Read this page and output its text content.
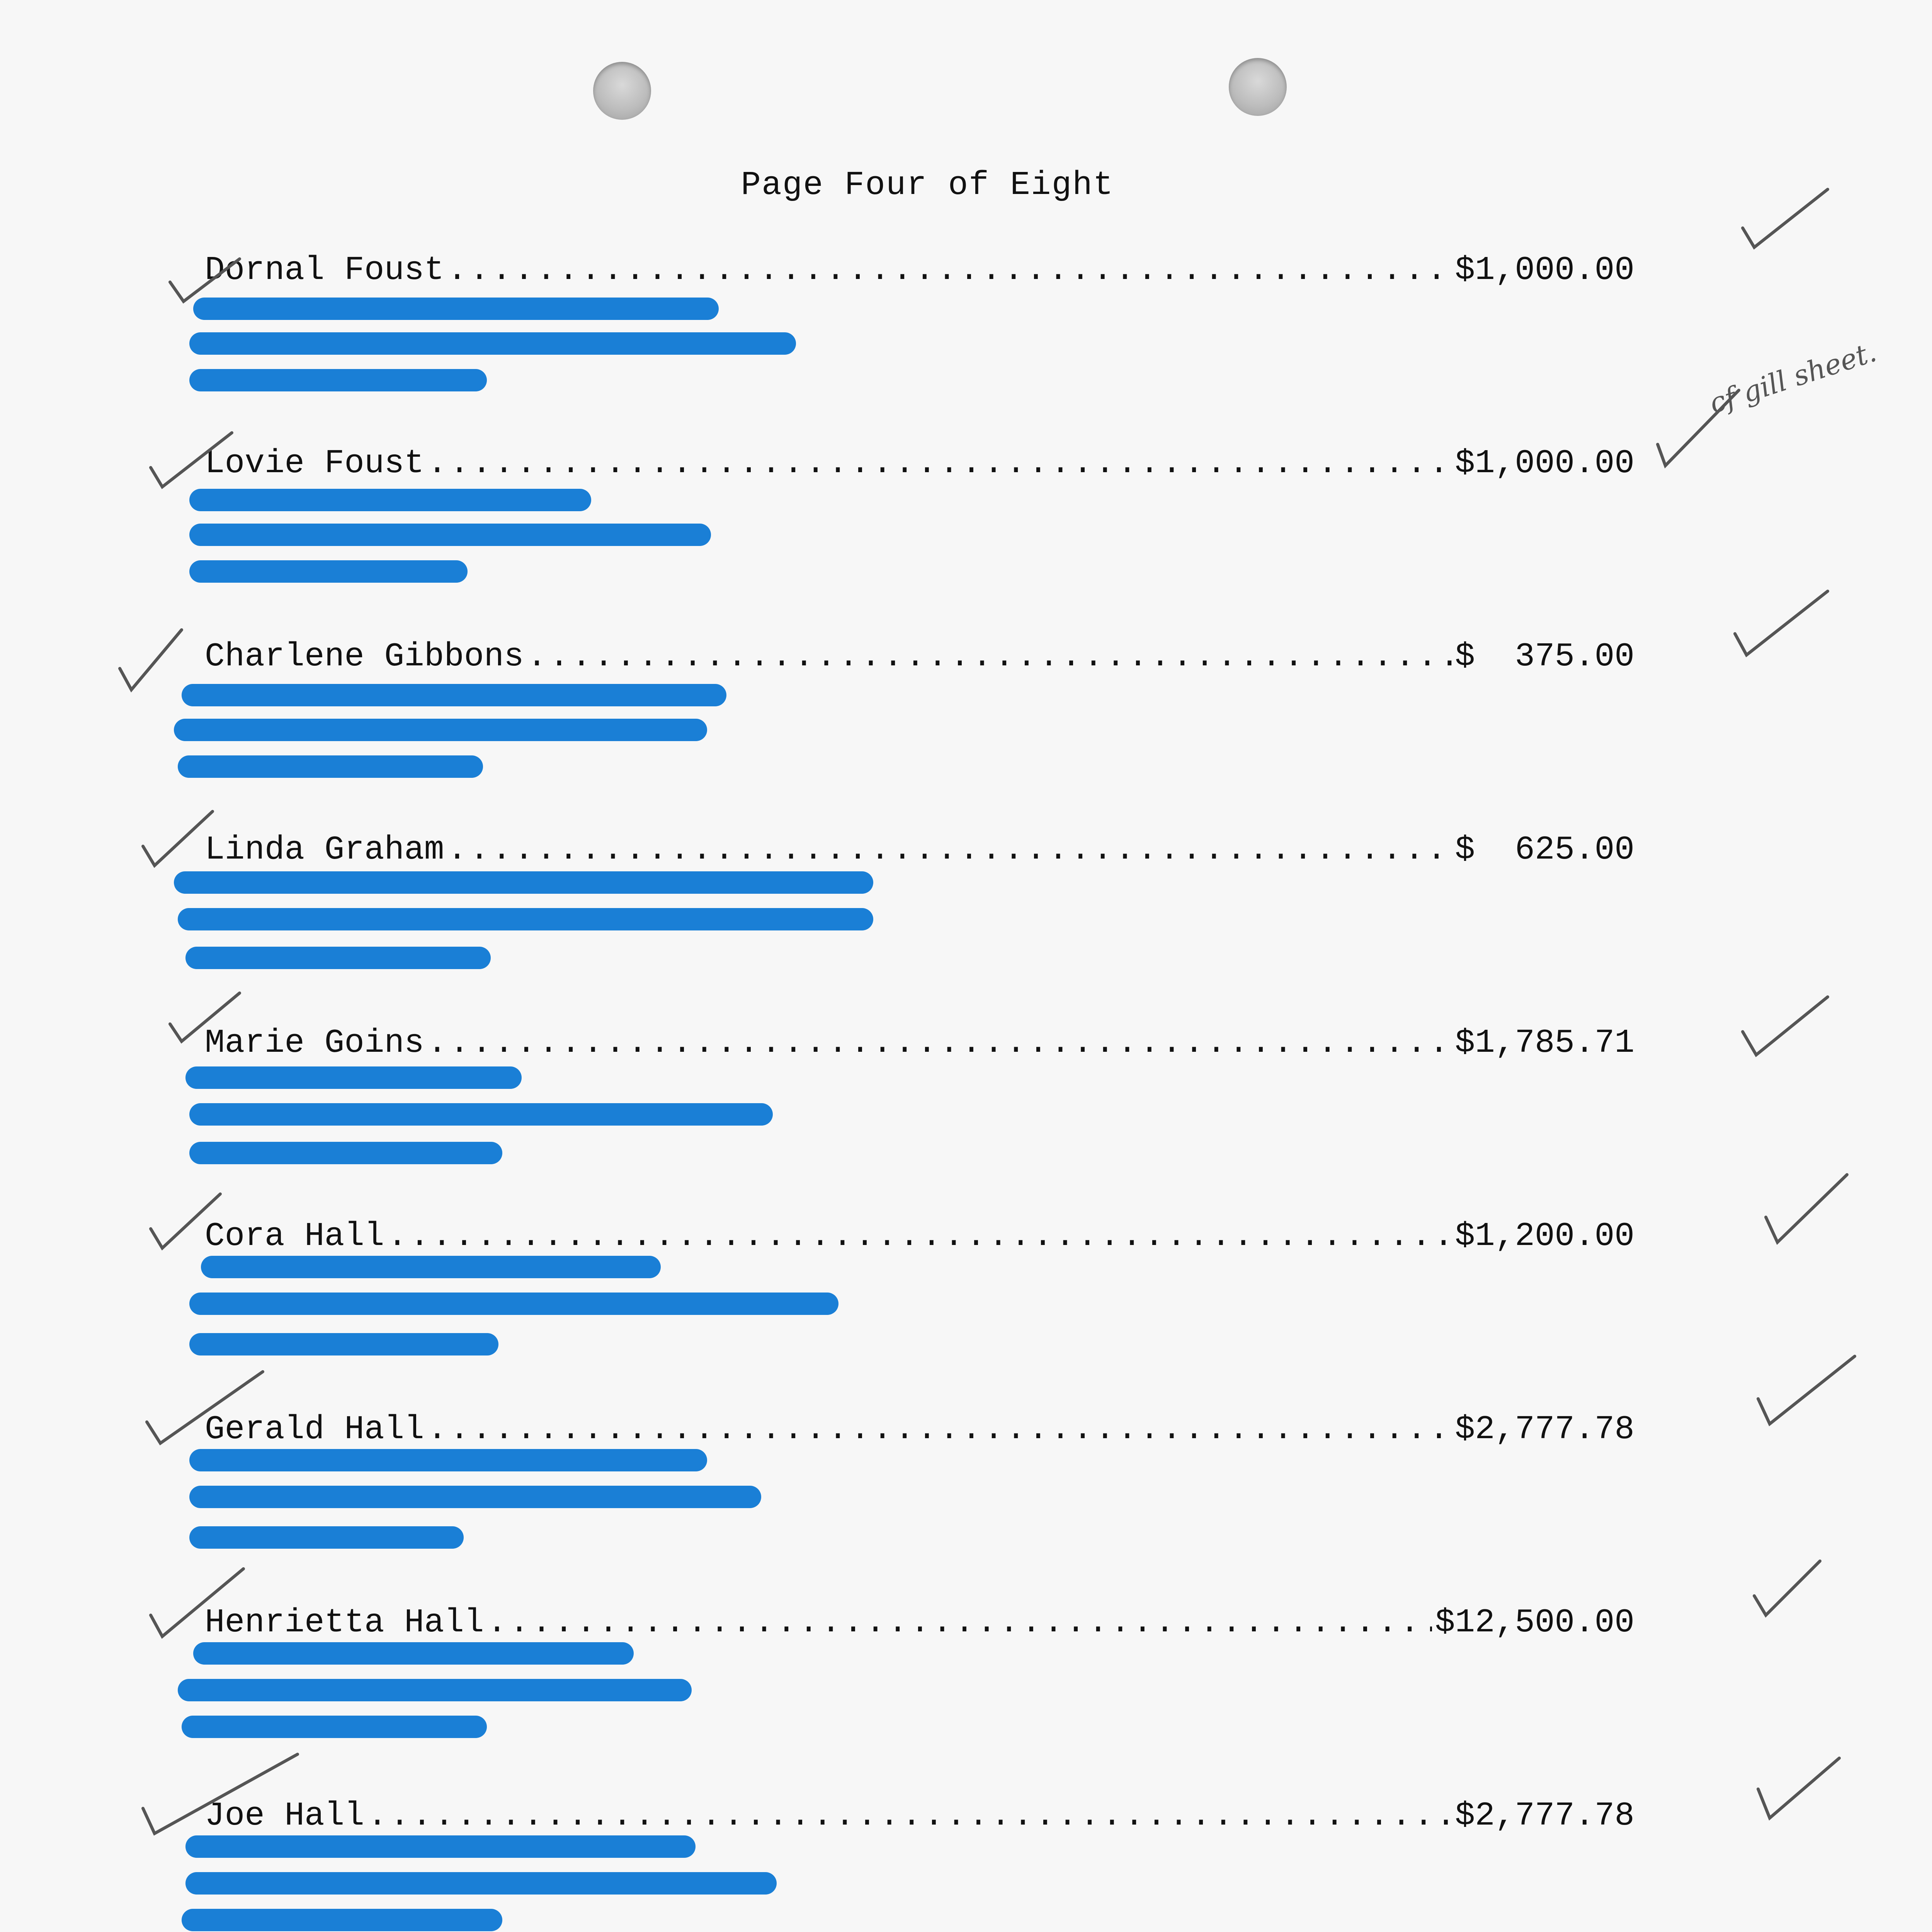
Page Four of Eight
Dornal Foust .....	$1,000.00
Lovie Foust .....	$1,000.00
Charlene Gibbons .....	$  375.00
Linda Graham .....	$  625.00
Marie Goins .....	$1,785.71
Cora Hall .....	$1,200.00
Gerald Hall .....	$2,777.78
Henrietta Hall .....	$12,500.00
Joe Hall .....	$2,777.78
cf gill sheet.
